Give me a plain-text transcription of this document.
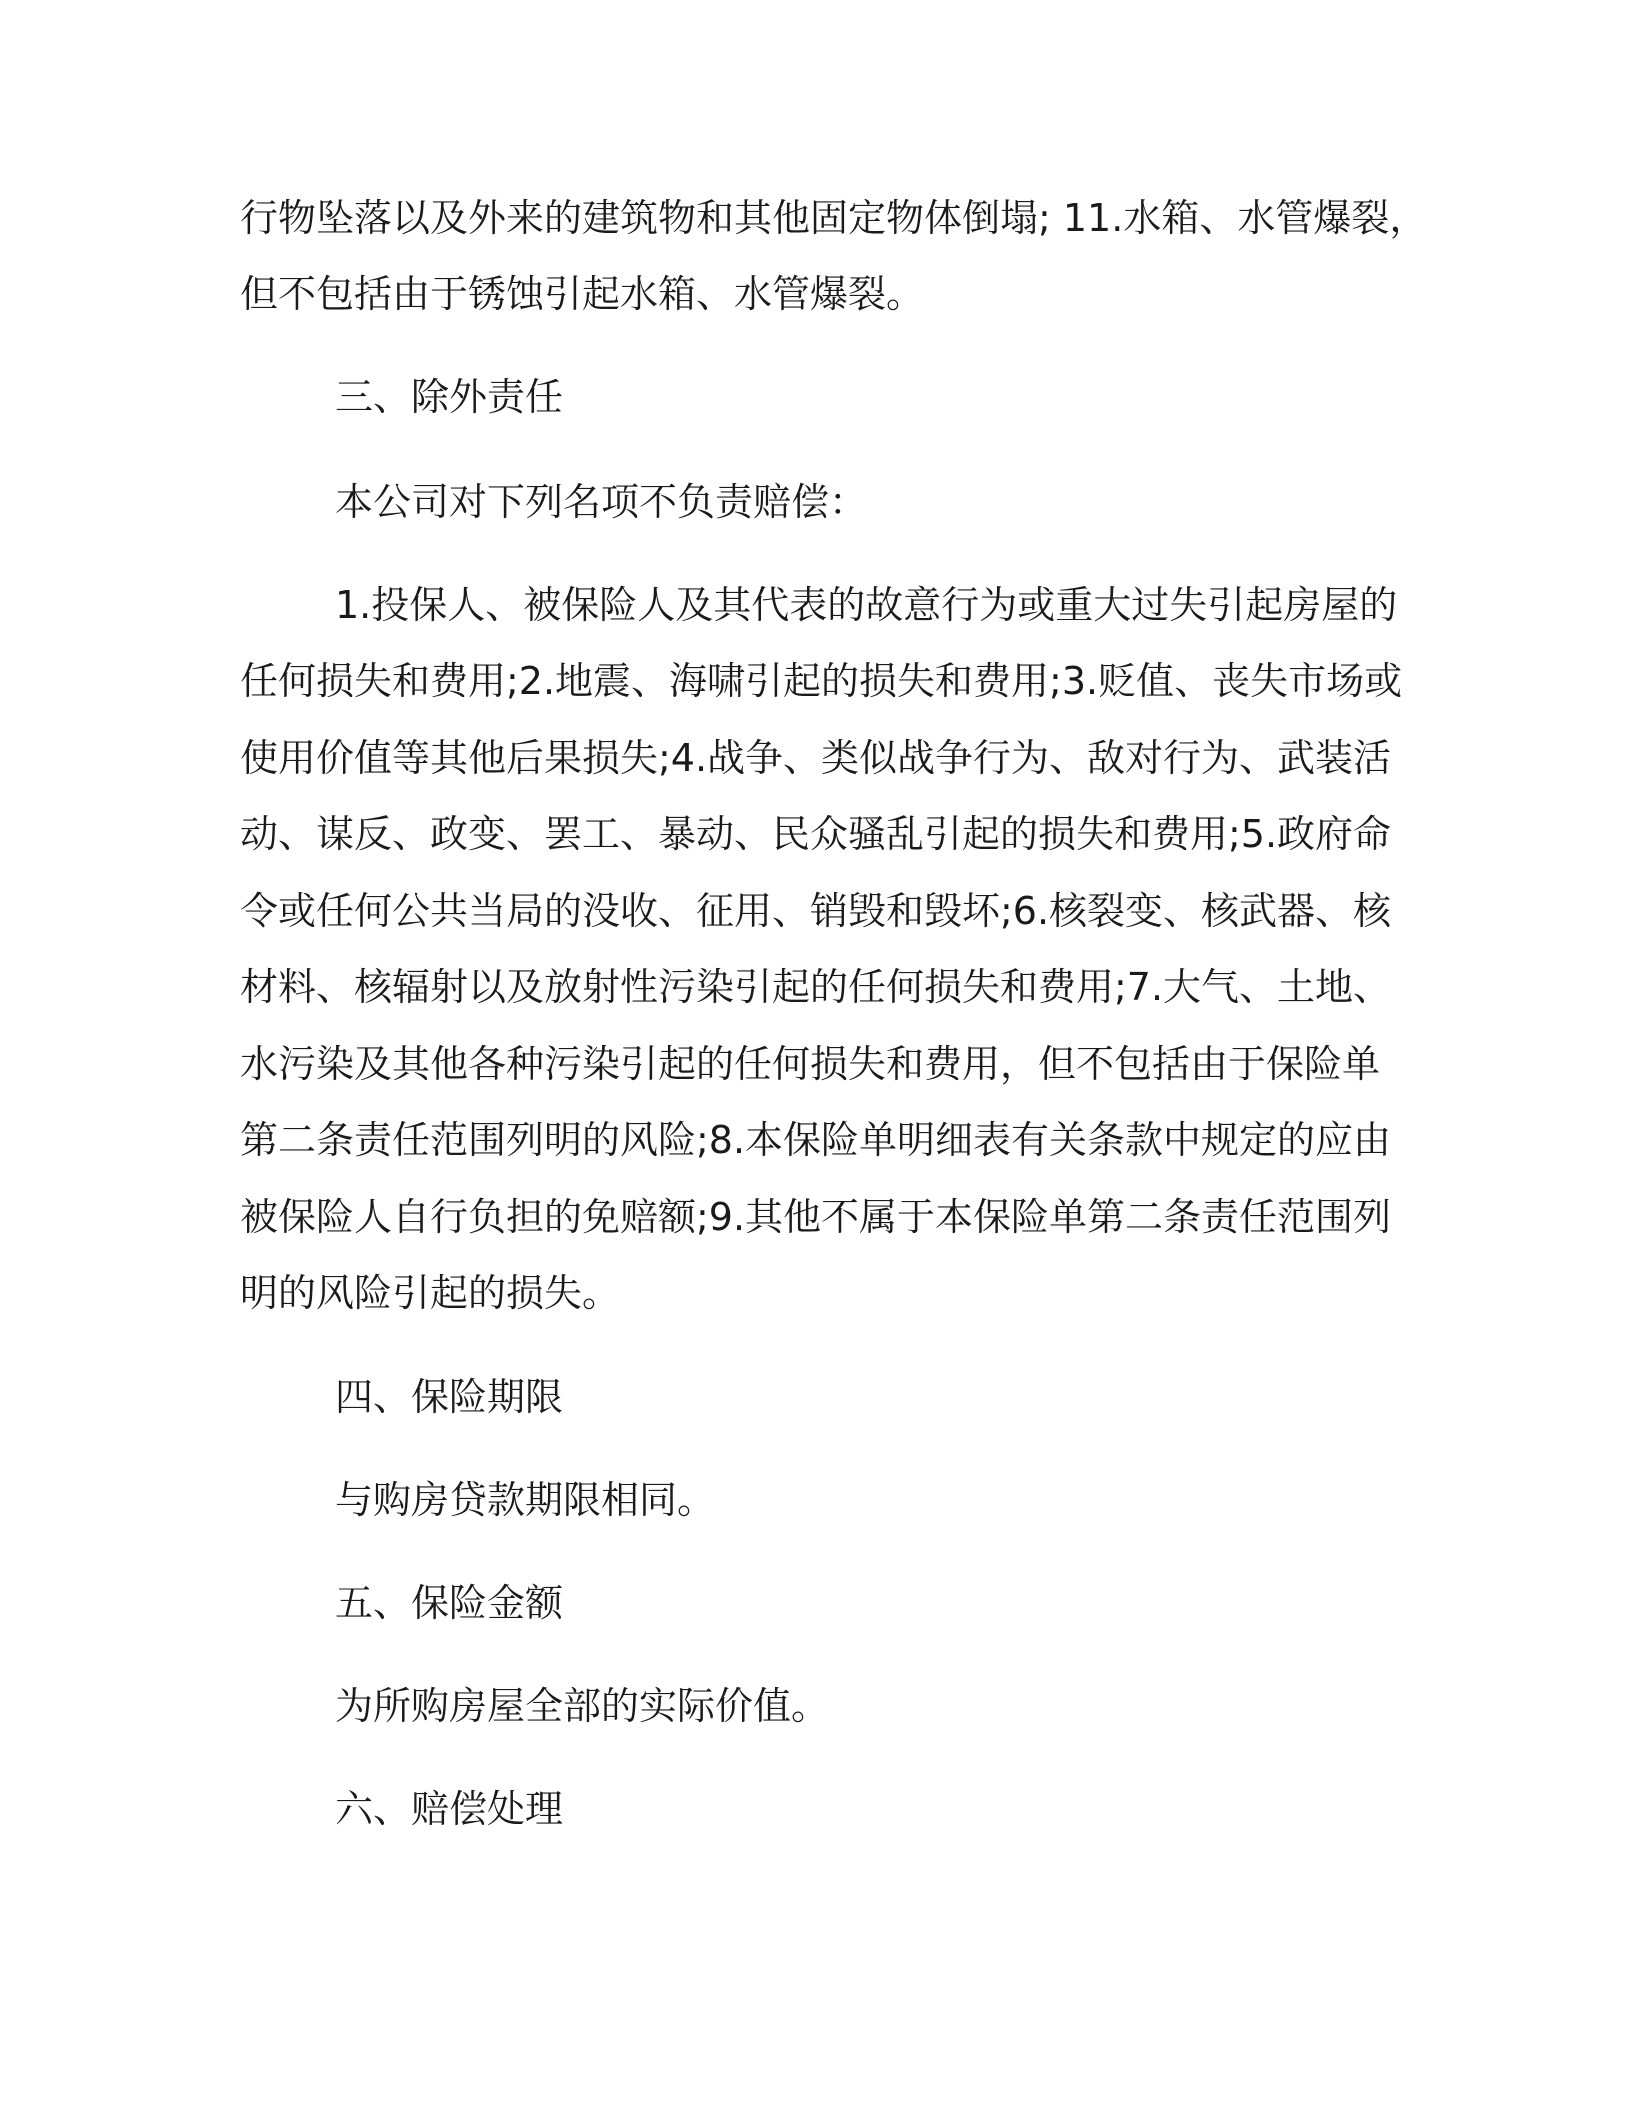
行物坠落以及外来的建筑物和其他固定物体倒塌; 11.水箱、水管爆裂，

但不包括由于锈蚀引起水箱、水管爆裂。

三、除外责任

本公司对下列名项不负责赔偿：

1.投保人、被保险人及其代表的故意行为或重大过失引起房屋的

任何损失和费用;2.地震、海啸引起的损失和费用;3.贬值、丧失市场或

使用价值等其他后果损失;4.战争、类似战争行为、敌对行为、武装活

动、谋反、政变、罢工、暴动、民众骚乱引起的损失和费用;5.政府命

令或任何公共当局的没收、征用、销毁和毁坏;6.核裂变、核武器、核

材料、核辐射以及放射性污染引起的任何损失和费用;7.大气、土地、

水污染及其他各种污染引起的任何损失和费用，但不包括由于保险单

第二条责任范围列明的风险;8.本保险单明细表有关条款中规定的应由

被保险人自行负担的免赔额;9.其他不属于本保险单第二条责任范围列

明的风险引起的损失。

四、保险期限

与购房贷款期限相同。

五、保险金额

为所购房屋全部的实际价值。

六、赔偿处理
